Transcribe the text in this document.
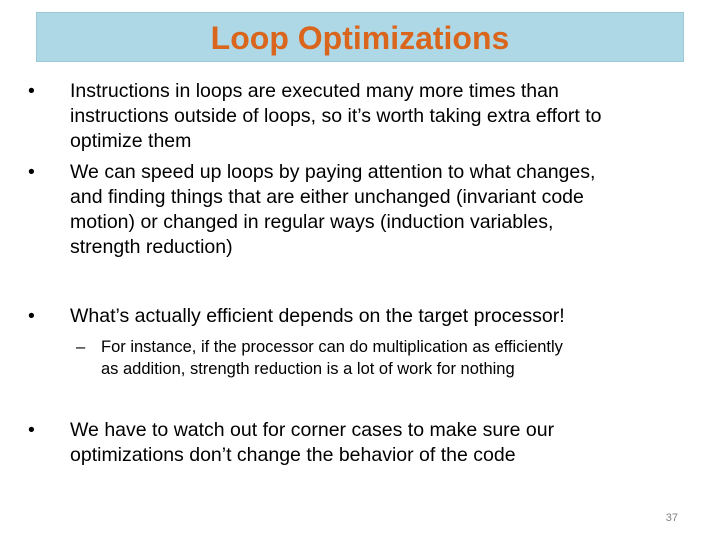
Loop Optimizations
• Instructions in loops are executed many more times than
instructions outside of loops, so it’s worth taking extra effort to
optimize them
• We can speed up loops by paying attention to what changes,
and finding things that are either unchanged (invariant code
motion) or changed in regular ways (induction variables,
strength reduction)
• What’s actually efficient depends on the target processor!
– For instance, if the processor can do multiplication as efficiently
as addition, strength reduction is a lot of work for nothing
• We have to watch out for corner cases to make sure our
optimizations don’t change the behavior of the code
37
